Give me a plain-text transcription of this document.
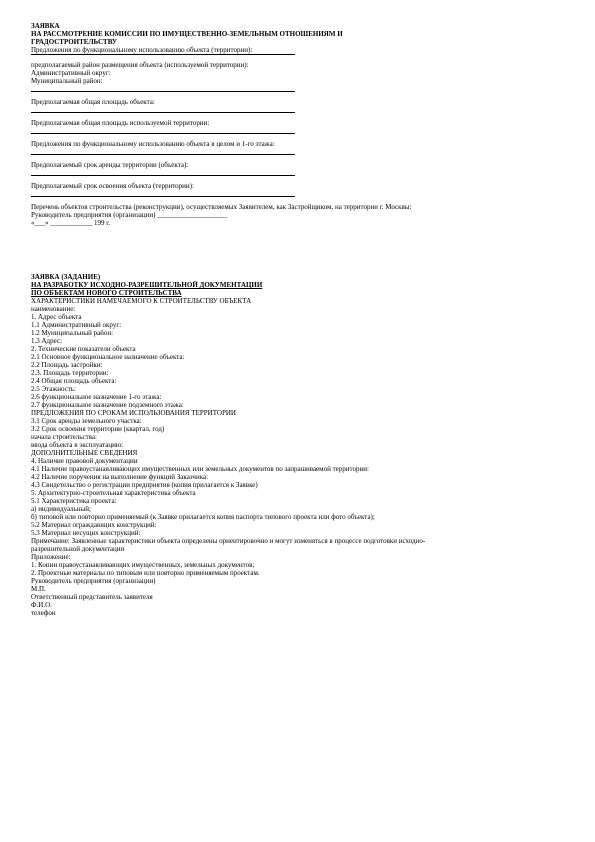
ЗАЯВКА
НА РАССМОТРЕНИЕ КОМИССИИ ПО ИМУЩЕСТВЕННО-ЗЕМЕЛЬНЫМ ОТНОШЕНИЯМ И
ГРАДОСТРОИТЕЛЬСТВУ
Предложения по функциональному использованию объекта (территории):
предполагаемый район размещения объекта (используемой территории):
Административный округ:
Муниципальный район:
Предполагаемая общая площадь объекта:
Предполагаемая общая площадь используемой территории:
Предложения по функциональному использованию объекта в целом и 1-го этажа:
Предполагаемый срок аренды территории (объекта):
Предполагаемый срок освоения объекта (территории):
Перечень объектов строительства (реконструкции), осуществляемых Заявителем, как Застройщиком, на территории г. Москвы:
Руководитель предприятия (организации) ____________________
«___» ____________ 199 г.
ЗАЯВКА (ЗАДАНИЕ)
НА РАЗРАБОТКУ ИСХОДНО-РАЗРЕШИТЕЛЬНОЙ ДОКУМЕНТАЦИИ
ПО ОБЪЕКТАМ НОВОГО СТРОИТЕЛЬСТВА
ХАРАКТЕРИСТИКИ НАМЕЧАЕМОГО К СТРОИТЕЛЬСТВУ ОБЪЕКТА
наименование:
1. Адрес объекта
1.1 Административный округ:
1.2 Муниципальный район:
1.3 Адрес:
2. Технические показатели объекта
2.1 Основное функциональное назначение объекта:
2.2 Площадь застройки:
2.3. Площадь территории:
2.4 Общая площадь объекта:
2.5 Этажность:
2.6 функциональное назначение 1-го этажа:
2.7 функциональное назначение подземного этажа:
ПРЕДЛОЖЕНИЯ ПО СРОКАМ ИСПОЛЬЗОВАНИЯ ТЕРРИТОРИИ
3.1 Срок аренды земельного участка:
3.2 Срок освоения территории (квартал, год)
начала строительства:
ввода объекта в эксплуатацию:
ДОПОЛНИТЕЛЬНЫЕ СВЕДЕНИЯ
4. Наличие правовой документации
4.1 Наличие правоустанавливающих имущественных или земельных документов по запрашиваемой территории:
4.2 Наличие поручения на выполнение функций Заказчика:
4.3 Свидетельство о регистрации предприятия (копия прилагается к Заявке)
5. Архитектурно-строительная характеристика объекта
5.1 Характеристика проекта:
а) индивидуальный;
б) типовой или повторно применяемый (к Заявке прилагается копия паспорта типового проекта или фото объекта);
5.2 Материал ограждающих конструкций:
5.3 Материал несущих конструкций:
Примечание: Заявленные характеристики объекта определены ориентировочно и могут изменяться в процессе подготовки исходно-разрешительной документации
Приложение:
1. Копии правоустанавливающих имущественных, земельных документов;
2. Проектные материалы по типовым или повторно применяемым проектам.
Руководитель предприятия (организации)
М.П.
Ответственный представитель заявителя
Ф.И.О.
телефон
